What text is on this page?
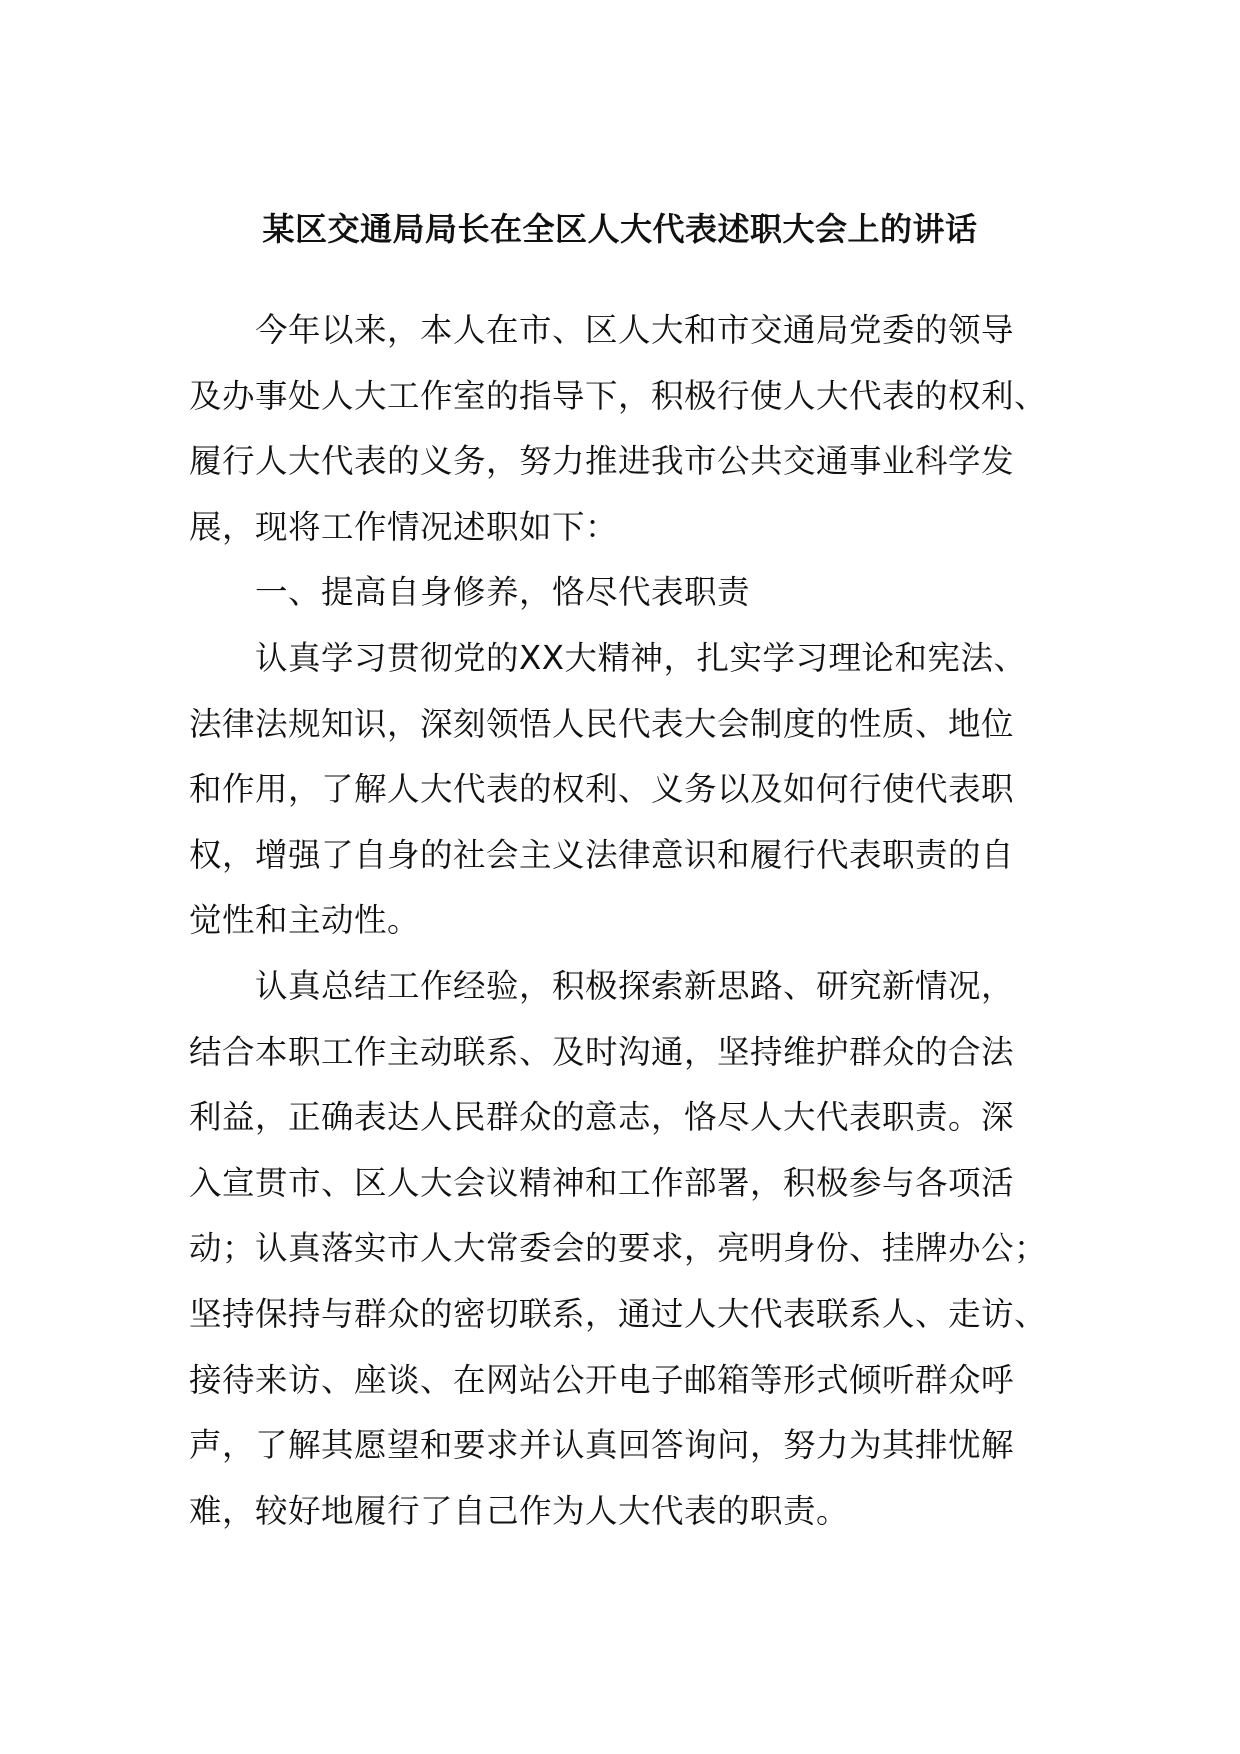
某区交通局局长在全区人大代表述职大会上的讲话
今年以来，本人在市、区人大和市交通局党委的领导
及办事处人大工作室的指导下，积极行使人大代表的权利、
履行人大代表的义务，努力推进我市公共交通事业科学发
展，现将工作情况述职如下：
一、提高自身修养，恪尽代表职责
认真学习贯彻党的XX大精神，扎实学习理论和宪法、
法律法规知识，深刻领悟人民代表大会制度的性质、地位
和作用，了解人大代表的权利、义务以及如何行使代表职
权，增强了自身的社会主义法律意识和履行代表职责的自
觉性和主动性。
认真总结工作经验，积极探索新思路、研究新情况，
结合本职工作主动联系、及时沟通，坚持维护群众的合法
利益，正确表达人民群众的意志，恪尽人大代表职责。深
入宣贯市、区人大会议精神和工作部署，积极参与各项活
动；认真落实市人大常委会的要求，亮明身份、挂牌办公；
坚持保持与群众的密切联系，通过人大代表联系人、走访、
接待来访、座谈、在网站公开电子邮箱等形式倾听群众呼
声，了解其愿望和要求并认真回答询问，努力为其排忧解
难，较好地履行了自己作为人大代表的职责。
